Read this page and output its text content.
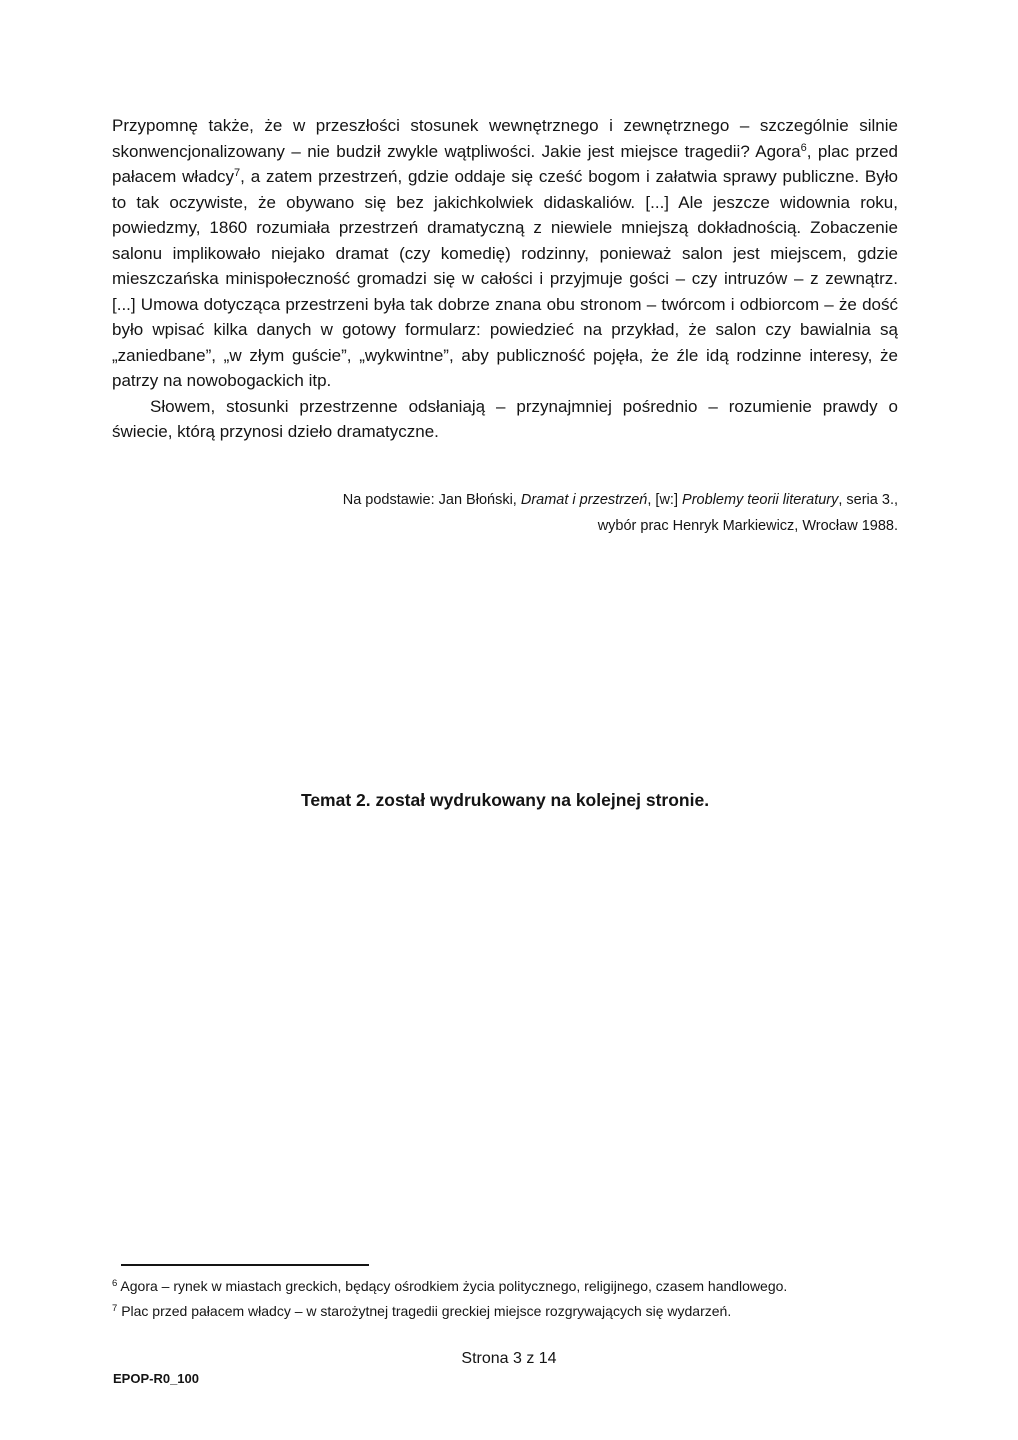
Przypomnę także, że w przeszłości stosunek wewnętrznego i zewnętrznego – szczególnie silnie skonwencjonalizowany – nie budził zwykle wątpliwości. Jakie jest miejsce tragedii? Agora$^6$, plac przed pałacem władcy$^7$, a zatem przestrzeń, gdzie oddaje się cześć bogom i załatwia sprawy publiczne. Było to tak oczywiste, że obywano się bez jakichkolwiek didaskaliów. [...] Ale jeszcze widownia roku, powiedzmy, 1860 rozumiała przestrzeń dramatyczną z niewiele mniejszą dokładnością. Zobaczenie salonu implikowało niejako dramat (czy komedię) rodzinny, ponieważ salon jest miejscem, gdzie mieszczańska minispołeczność gromadzi się w całości i przyjmuje gości – czy intruzów – z zewnątrz. [...] Umowa dotycząca przestrzeni była tak dobrze znana obu stronom – twórcom i odbiorcom – że dość było wpisać kilka danych w gotowy formularz: powiedzieć na przykład, że salon czy bawialnia są „zaniedbane”, „w złym guście”, „wykwintne”, aby publiczność pojęła, że źle idą rodzinne interesy, że patrzy na nowobogackich itp.

Słowem, stosunki przestrzenne odsłaniają – przynajmniej pośrednio – rozumienie prawdy o świecie, którą przynosi dzieło dramatyczne.

Na podstawie: Jan Błoński, Dramat i przestrzeń, [w:] Problemy teorii literatury, seria 3.,
wybór prac Henryk Markiewicz, Wrocław 1988.
Temat 2. został wydrukowany na kolejnej stronie.
$^6$ Agora – rynek w miastach greckich, będący ośrodkiem życia politycznego, religijnego, czasem handlowego.
$^7$ Plac przed pałacem władcy – w starożytnej tragedii greckiej miejsce rozgrywających się wydarzeń.
Strona 3 z 14
EPOP-R0_100
